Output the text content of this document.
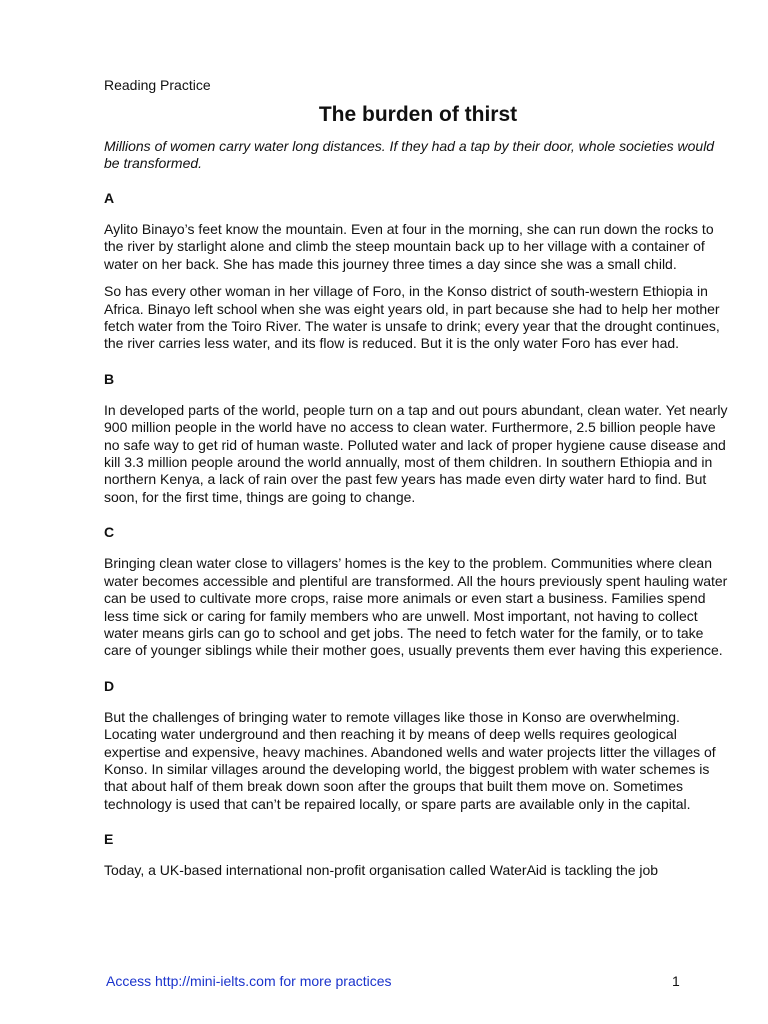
Reading Practice

The burden of thirst

Millions of women carry water long distances. If they had a tap by their door, whole societies would be transformed.

A

Aylito Binayo’s feet know the mountain. Even at four in the morning, she can run down the rocks to the river by starlight alone and climb the steep mountain back up to her village with a container of water on her back. She has made this journey three times a day since she was a small child.

So has every other woman in her village of Foro, in the Konso district of south-western Ethiopia in Africa. Binayo left school when she was eight years old, in part because she had to help her mother fetch water from the Toiro River. The water is unsafe to drink; every year that the drought continues, the river carries less water, and its flow is reduced. But it is the only water Foro has ever had.

B

In developed parts of the world, people turn on a tap and out pours abundant, clean water. Yet nearly 900 million people in the world have no access to clean water. Furthermore, 2.5 billion people have no safe way to get rid of human waste. Polluted water and lack of proper hygiene cause disease and kill 3.3 million people around the world annually, most of them children. In southern Ethiopia and in northern Kenya, a lack of rain over the past few years has made even dirty water hard to find. But soon, for the first time, things are going to change.

C

Bringing clean water close to villagers’ homes is the key to the problem. Communities where clean water becomes accessible and plentiful are transformed. All the hours previously spent hauling water can be used to cultivate more crops, raise more animals or even start a business. Families spend less time sick or caring for family members who are unwell. Most important, not having to collect water means girls can go to school and get jobs. The need to fetch water for the family, or to take care of younger siblings while their mother goes, usually prevents them ever having this experience.

D

But the challenges of bringing water to remote villages like those in Konso are overwhelming. Locating water underground and then reaching it by means of deep wells requires geological expertise and expensive, heavy machines. Abandoned wells and water projects litter the villages of Konso. In similar villages around the developing world, the biggest problem with water schemes is that about half of them break down soon after the groups that built them move on. Sometimes technology is used that can’t be repaired locally, or spare parts are available only in the capital.

E

Today, a UK-based international non-profit organisation called WaterAid is tackling the job

Access http://mini-ielts.com for more practices	1
